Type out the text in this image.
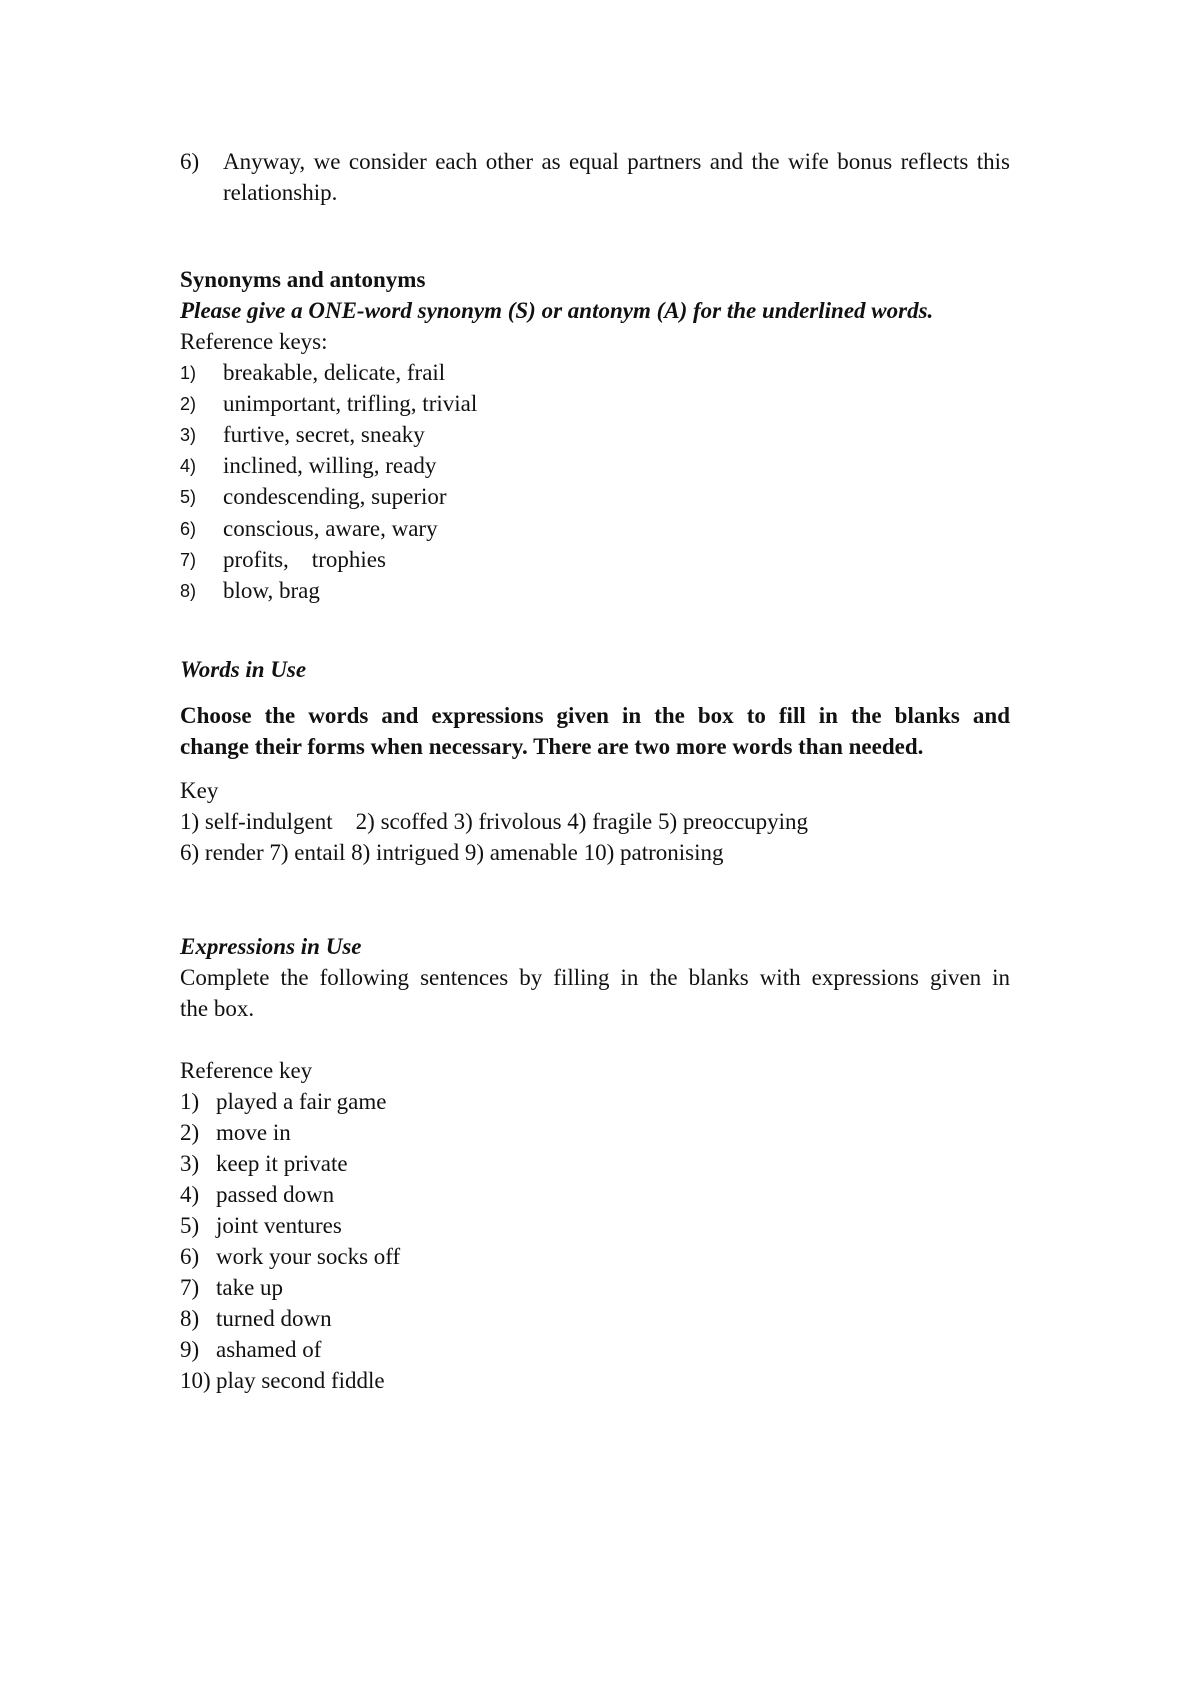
6) Anyway, we consider each other as equal partners and the wife bonus reflects this
relationship.
Synonyms and antonyms
Please give a ONE-word synonym (S) or antonym (A) for the underlined words.
Reference keys:
1) breakable, delicate, frail
2) unimportant, trifling, trivial
3) furtive, secret, sneaky
4) inclined, willing, ready
5) condescending, superior
6) conscious, aware, wary
7) profits,    trophies
8) blow, brag
Words in Use
Choose the words and expressions given in the box to fill in the blanks and
change their forms when necessary. There are two more words than needed.
Key
1) self-indulgent    2) scoffed 3) frivolous 4) fragile 5) preoccupying
6) render 7) entail 8) intrigued 9) amenable 10) patronising
Expressions in Use
Complete the following sentences by filling in the blanks with expressions given in
the box.
Reference key
1) played a fair game
2) move in
3) keep it private
4) passed down
5) joint ventures
6) work your socks off
7) take up
8) turned down
9) ashamed of
10) play second fiddle
